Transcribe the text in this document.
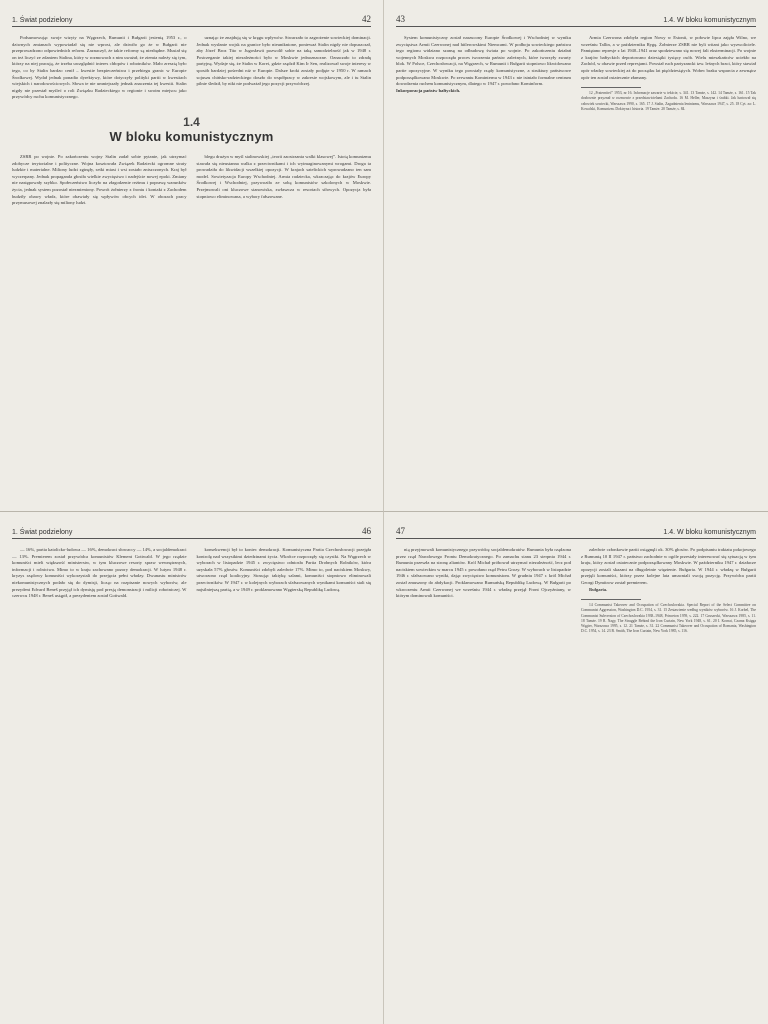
1. Świat podzielony	42

Podsumowując swoje wizyty na Węgrzech, Rumunii i Bułgarii jesienią 1953 r., o dziwnych zmianach wypowiadał się nie wprost, ale dziwiło go że w Bułgarii nie przeprowadzono odpowiednich reform. Zaznaczył, że takie reformy są niezbędne. Musiał się on też liczyć ze zdaniem Stalina, który w rozmowach z nim uważał, że ziemia należy się tym, którzy na niej pracują, że trzeba uwzględnić interes chłopów i robotników. Mało zresztą było tego, co by Stalin bardzo cenił – kwestie bezpieczeństwa i przebiegu granic w Europie Środkowej. Wydał jednak ponadto dyrektywy, które dotyczyły polityki partii w kwestiach wiejskich i narodowościowych. Słowa te nie umniejszały jednak znaczenia tej kwestii. Stalin nigdy nie przestał myśleć o roli Związku Radzieckiego w regionie i swoim miejscu jako przywódcy ruchu komunistycznego.

uznając że znajdują się w kręgu wpływów. Stwarzało to zagrożenie sowieckiej dominacji. Jednak wysłanie wojsk na granice było nieuniknione, ponieważ Stalin nigdy nie dopuszczał, aby Józef Broz Tito w Jugosławii pozwolił sobie na taką samodzielność jak w 1948 r. Postrzeganie takiej niezależności było w Moskwie jednoznaczne. Oznaczało to zdradę partyjną. Wydaje się, że Stalin w Korei, gdzie rządził Kim Ir Sen, realizował swoje interesy w sposób bardziej pośredni niż w Europie. Dalsze kroki zostały podjęte w 1950 r. W ramach sojuszu chińsko-radzieckiego doszło do współpracy w zakresie wojskowym, ale i tu Stalin pilnie śledził, by nikt nie podważał jego pozycji przywódczej.

1.4
W bloku komunistycznym

ZSRR po wojnie. Po zakończeniu wojny Stalin zadał sobie pytanie, jak utrzymać zdobycze terytorialne i polityczne. Wojna kosztowała Związek Radziecki ogromne straty ludzkie i materialne. Miliony ludzi zginęły, setki miast i wsi zostało zniszczonych. Kraj był wyczerpany. Jednak propaganda głosiła wielkie zwycięstwo i nadejście nowej epoki. Zmiany nie następowały szybko. Społeczeństwo liczyło na złagodzenie reżimu i poprawę warunków życia, jednak system pozostał niezmieniony. Powrót żołnierzy z frontu i kontakt z Zachodem budziły obawy władz, które obawiały się wpływów obcych idei. W obozach pracy przymusowej znalazły się miliony ludzi.

blegu drużyn w myśl stalinowskiej „teorii zaostrzania walki klasowej”. Istotą komunizmu stawała się nieustanna walka z przeciwnikami i ich wyimaginowanymi wrogami. Droga ta prowadziła do likwidacji wszelkiej opozycji. W krajach satelickich wprowadzano ten sam model. Sowietyzacja Europy Wschodniej. Armia radziecka, wkraczając do krajów Europy Środkowej i Wschodniej, przywoziła ze sobą komunistów szkolonych w Moskwie. Przejmowali oni kluczowe stanowiska, zwłaszcza w resortach siłowych. Opozycja była stopniowo eliminowana, a wybory fałszowane.

43	1.4. W bloku komunistycznym

System komunistyczny został narzucony Europie Środkowej i Wschodniej w wyniku zwycięstwa Armii Czerwonej nad hitlerowskimi Niemcami. W podboju sowieckiego państwa tego regionu widziano szansę na odbudowę świata po wojnie. Po zakończeniu działań wojennych Moskwa rozpoczęła proces tworzenia państw zależnych, które tworzyły zwarty blok. W Polsce, Czechosłowacji, na Węgrzech, w Rumunii i Bułgarii stopniowo likwidowano partie opozycyjne. W wyniku tego powstały rządy komunistyczne, a struktury państwowe podporządkowano Moskwie. Po zerwaniu Kominternu w 1943 r. nie istniało formalne centrum dowodzenia ruchem komunistycznym, dlatego w 1947 r. powołano Kominform.

Inkorporacja państw bałtyckich.

Armia Czerwona zdobyła region Nowy w Estonii, w połowie lipca zajęła Wilno, we wrześniu Tallin, a w październiku Rygę. Żołnierze ZSRR nie byli witani jako wyzwoliciele. Pamiętano represje z lat 1940–1941 oraz spodziewano się nowej fali eksterminacji. Po wojnie z krajów bałtyckich deportowano dziesiątki tysięcy osób. Wielu mieszkańców uciekło na Zachód, w obawie przed represjami. Powstał ruch partyzancki tzw. leśnych braci, który stawiał opór władzy sowieckiej aż do początku lat pięćdziesiątych. Wobec braku wsparcia z zewnątrz opór ten został ostatecznie złamany.

12 „Fraterniteć” 1953, nr 16. Informacje zawarte w tekście, s. 341. 13 Tamże, s. 142. 14 Tamże, s. 161. 15 Tak dosłownie przyznał w rozmowie z przedstawicielami Zachodu. 16 M. Heller, Maszyna i śrubki. Jak hartował się człowiek sowiecki, Warszawa 1990, s. 165. 17 J. Stalin, Zagadnienia leninizmu, Warszawa 1947, s. 25. 18 Cyt. za: L. Kowalski, Komunizm. Doktryna i historia. 19 Tamże. 20 Tamże, s. 84.

1. Świat podzielony	46

— 16%, partia katolicko-ludowa — 16%, demokraci słowaccy — 14%, a socjaldemokraci — 13%. Premierem został przywódca komunistów Klement Gottwald. W jego rządzie komuniści mieli większość ministerstw, w tym kluczowe resorty spraw wewnętrznych, informacji i rolnictwa. Mimo to w kraju zachowano pozory demokracji. W lutym 1948 r. kryzys rządowy komuniści wykorzystali do przejęcia pełni władzy. Dwunastu ministrów niekomunistycznych podało się do dymisji, licząc na rozpisanie nowych wyborów, ale prezydent Edvard Beneš przyjął ich dymisję pod presją demonstracji i milicji robotniczej. W czerwcu 1948 r. Beneš ustąpił, a prezydentem został Gottwald.

konsekwencji był to koniec demokracji. Komunistyczna Partia Czechosłowacji przejęła kontrolę nad wszystkimi dziedzinami życia. Wkrótce rozpoczęły się czystki. Na Węgrzech w wyborach w listopadzie 1945 r. zwycięstwo odniosła Partia Drobnych Rolników, która uzyskała 57% głosów. Komuniści zdobyli zaledwie 17%. Mimo to, pod naciskiem Moskwy, utworzono rząd koalicyjny. Stosując taktykę salami, komuniści stopniowo eliminowali przeciwników. W 1947 r. w kolejnych wyborach sfałszowanych wynikami komuniści stali się najsilniejszą partią, a w 1949 r. proklamowano Węgierską Republikę Ludową.

47	1.4. W bloku komunistycznym

nią przyjmowali komunistycznego przywódcę socjaldemokratów. Rumunia była rządzona przez rząd Narodowego Frontu Demokratycznego. Po zamachu stanu 23 sierpnia 1944 r. Rumunia przeszła na stronę aliantów. Król Michał próbował utrzymać niezależność, lecz pod naciskiem sowieckim w marcu 1945 r. powołano rząd Petru Grozy. W wyborach w listopadzie 1946 r. sfałszowano wyniki, dając zwycięstwo komunistom. W grudniu 1947 r. król Michał został zmuszony do abdykacji. Proklamowano Rumuńską Republikę Ludową. W Bułgarii po wkroczeniu Armii Czerwonej we wrześniu 1944 r. władzę przejął Front Ojczyźniany, w którym dominowali komuniści.

zaledwie członkowie partii osiągnęli ok. 30% głosów. Po podpisaniu traktatu pokojowego z Rumunią 10 II 1947 r. państwo zachodnie w ogóle przestały interesować się sytuacją w tym kraju, który został ostatecznie podporządkowany Moskwie. W październiku 1947 r. działacze opozycji zostali skazani na długoletnie więzienie. Bułgaria. W 1944 r. władzę w Bułgarii przejęli komuniści, którzy przez kolejne lata umacniali swoją pozycję. Przywódca partii Georgi Dymitrow został premierem.

Bułgaria.

14 Communist Takeover and Occupation of Czechoslovakia. Special Report of the Select Committee on Communist Aggression, Washington D.C. 1954, s. 31. 15 Zestawienie według wyników wyborów. 16 J. Korbel, The Communist Subversion of Czechoslovakia 1938–1948, Princeton 1959, s. 222. 17 Gruszecki, Warszawa 1985, s. 11. 18 Tamże. 19 R. Nagy, The Struggle Behind the Iron Curtain, New York 1948, s. 61. 20 I. Kornai, Czarna Księga Węgier, Warszawa 1995, s. 12. 21 Tamże, s. 31. 22 Communist Takeover and Occupation of Romania, Washington D.C. 1954, s. 14. 23 B. Smith, The Iron Curtain, New York 1985, s. 116.
